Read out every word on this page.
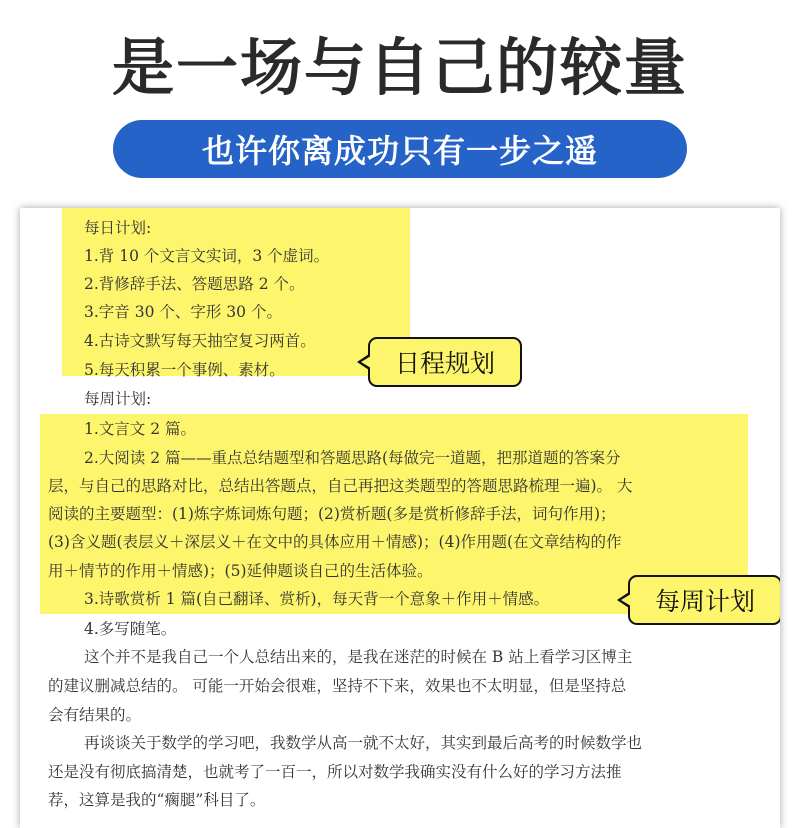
是一场与自己的较量
也许你离成功只有一步之遥
每日计划:
1.背 10 个文言文实词，3 个虚词。
2.背修辞手法、答题思路 2 个。
3.字音 30 个、字形 30 个。
4.古诗文默写每天抽空复习两首。
5.每天积累一个事例、素材。
每周计划:
1.文言文 2 篇。
2.大阅读 2 篇——重点总结题型和答题思路(每做完一道题，把那道题的答案分
层，与自己的思路对比，总结出答题点，自己再把这类题型的答题思路梳理一遍)。 大
阅读的主要题型：(1)炼字炼词炼句题；(2)赏析题(多是赏析修辞手法，词句作用)；
(3)含义题(表层义＋深层义＋在文中的具体应用＋情感)；(4)作用题(在文章结构的作
用＋情节的作用＋情感)；(5)延伸题谈自己的生活体验。
3.诗歌赏析 1 篇(自己翻译、赏析)，每天背一个意象＋作用＋情感。
4.多写随笔。
这个并不是我自己一个人总结出来的，是我在迷茫的时候在 B 站上看学习区博主
的建议删减总结的。 可能一开始会很难，坚持不下来，效果也不太明显，但是坚持总
会有结果的。
再谈谈关于数学的学习吧，我数学从高一就不太好，其实到最后高考的时候数学也
还是没有彻底搞清楚，也就考了一百一，所以对数学我确实没有什么好的学习方法推
荐，这算是我的“瘸腿”科目了。
日程规划
每周计划
